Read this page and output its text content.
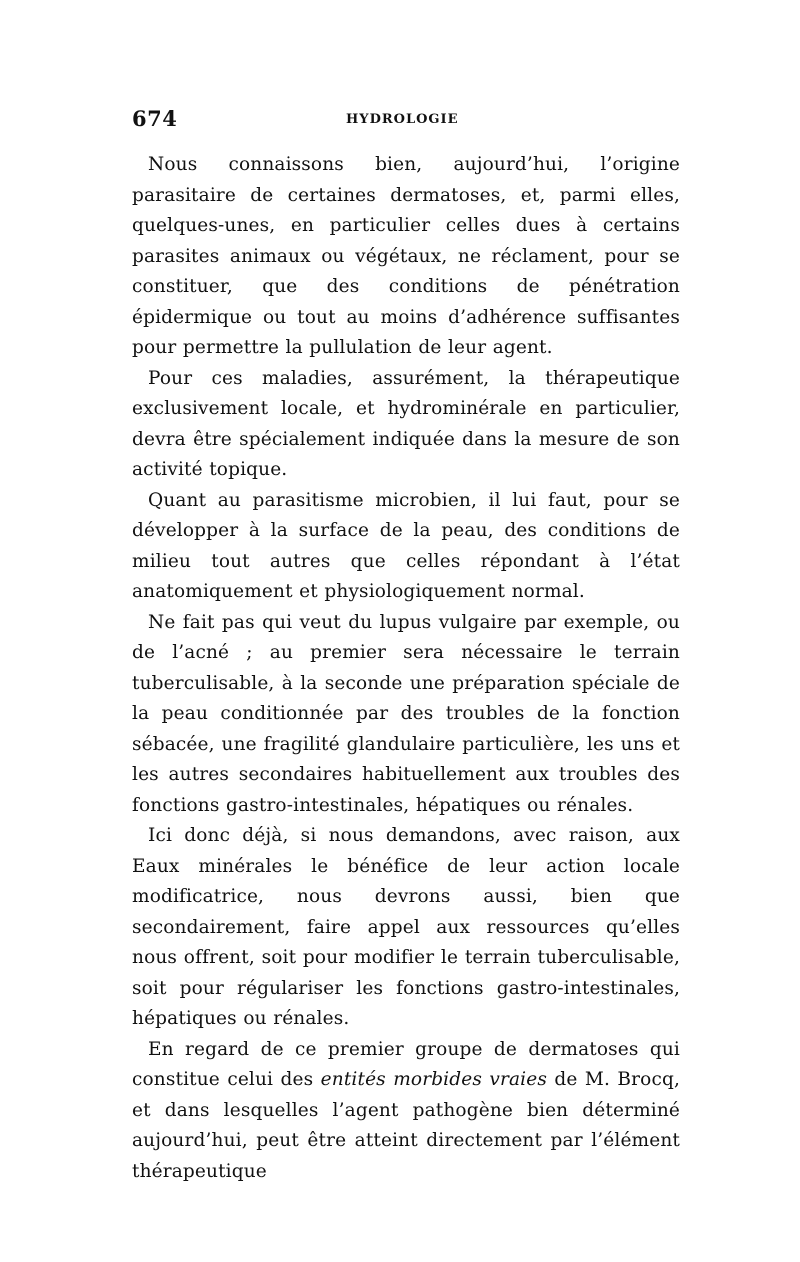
674	HYDROLOGIE

Nous connaissons bien, aujourd’hui, l’origine parasitaire de certaines dermatoses, et, parmi elles, quelques-unes, en particulier celles dues à certains parasites animaux ou végétaux, ne réclament, pour se constituer, que des conditions de pénétration épidermique ou tout au moins d’adhérence suffisantes pour permettre la pullulation de leur agent.

Pour ces maladies, assurément, la thérapeutique exclusivement locale, et hydrominérale en particulier, devra être spécialement indiquée dans la mesure de son activité topique.

Quant au parasitisme microbien, il lui faut, pour se développer à la surface de la peau, des conditions de milieu tout autres que celles répondant à l’état anatomiquement et physiologiquement normal.

Ne fait pas qui veut du lupus vulgaire par exemple, ou de l’acné ; au premier sera nécessaire le terrain tuberculisable, à la seconde une préparation spéciale de la peau conditionnée par des troubles de la fonction sébacée, une fragilité glandulaire particulière, les uns et les autres secondaires habituellement aux troubles des fonctions gastro-intestinales, hépatiques ou rénales.

Ici donc déjà, si nous demandons, avec raison, aux Eaux minérales le bénéfice de leur action locale modificatrice, nous devrons aussi, bien que secondairement, faire appel aux ressources qu’elles nous offrent, soit pour modifier le terrain tuberculisable, soit pour régulariser les fonctions gastro-intestinales, hépatiques ou rénales.

En regard de ce premier groupe de dermatoses qui constitue celui des entités morbides vraies de M. Brocq, et dans lesquelles l’agent pathogène bien déterminé aujourd’hui, peut être atteint directement par l’élément thérapeutique
